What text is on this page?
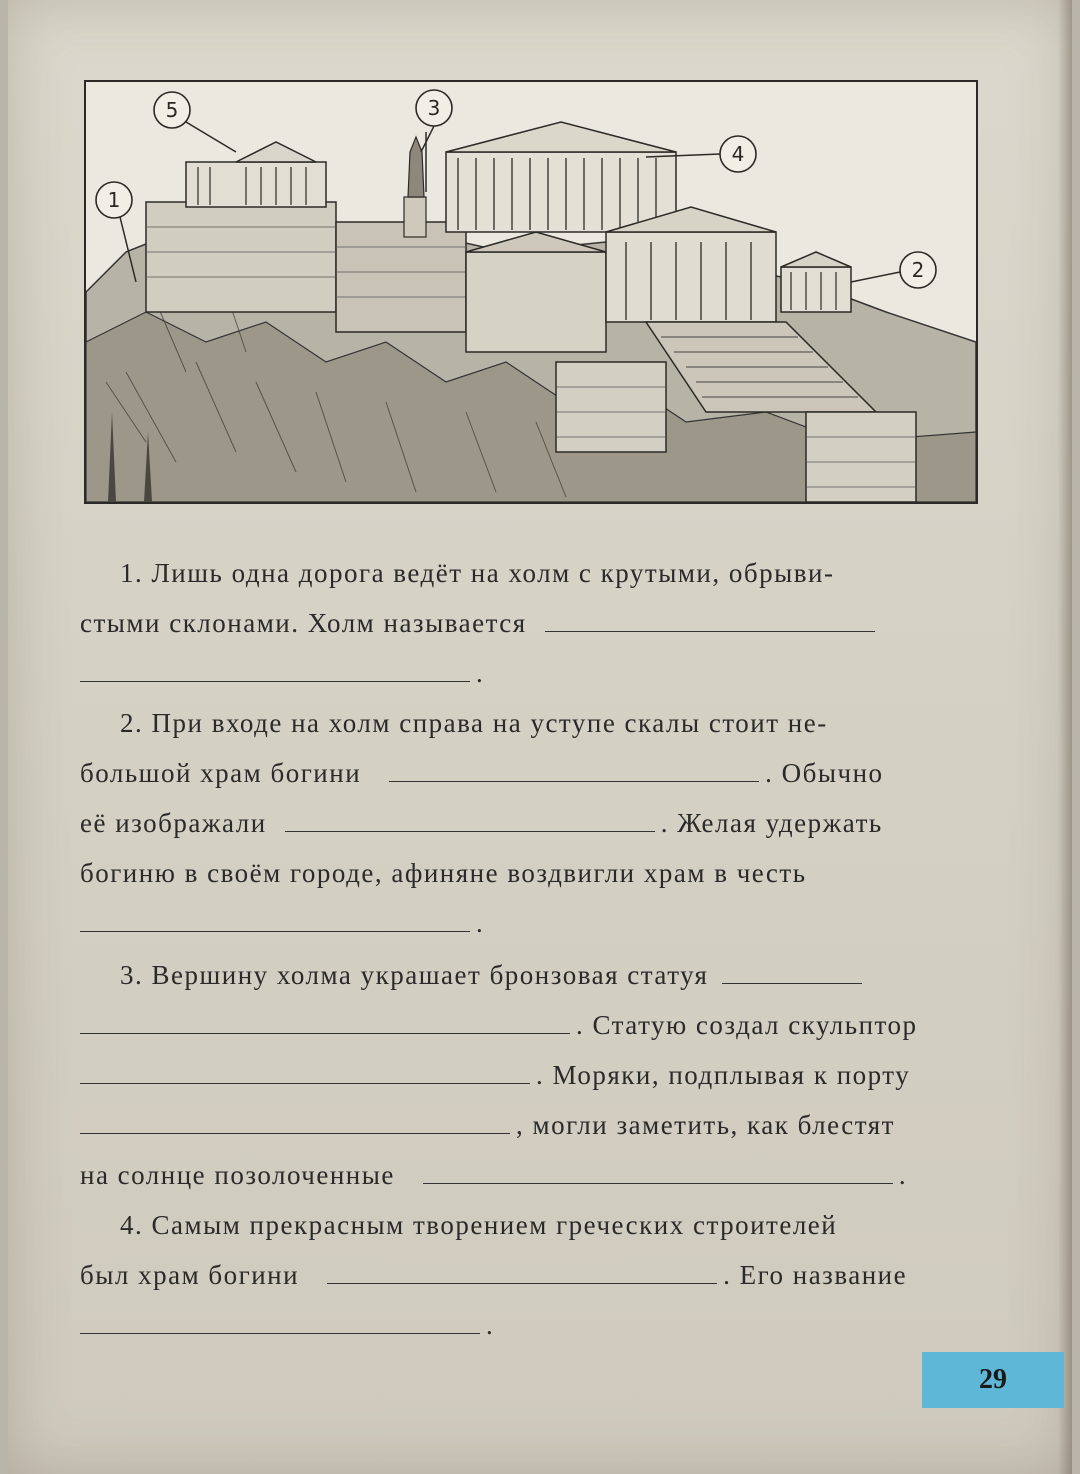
1
2
3
4
5
1. Лишь одна дорога ведёт на холм с крутыми, обрыви-
стыми склонами. Холм называется
.
2. При входе на холм справа на уступе скалы стоит не-
большой храм богини	. Обычно
её изображали	. Желая удержать
богиню в своём городе, афиняне воздвигли храм в честь
.
3. Вершину холма украшает бронзовая статуя
. Статую создал скульптор
. Моряки, подплывая к порту
, могли заметить, как блестят
на солнце позолоченные	.
4. Самым прекрасным творением греческих строителей
был храм богини	. Его название
.
29
